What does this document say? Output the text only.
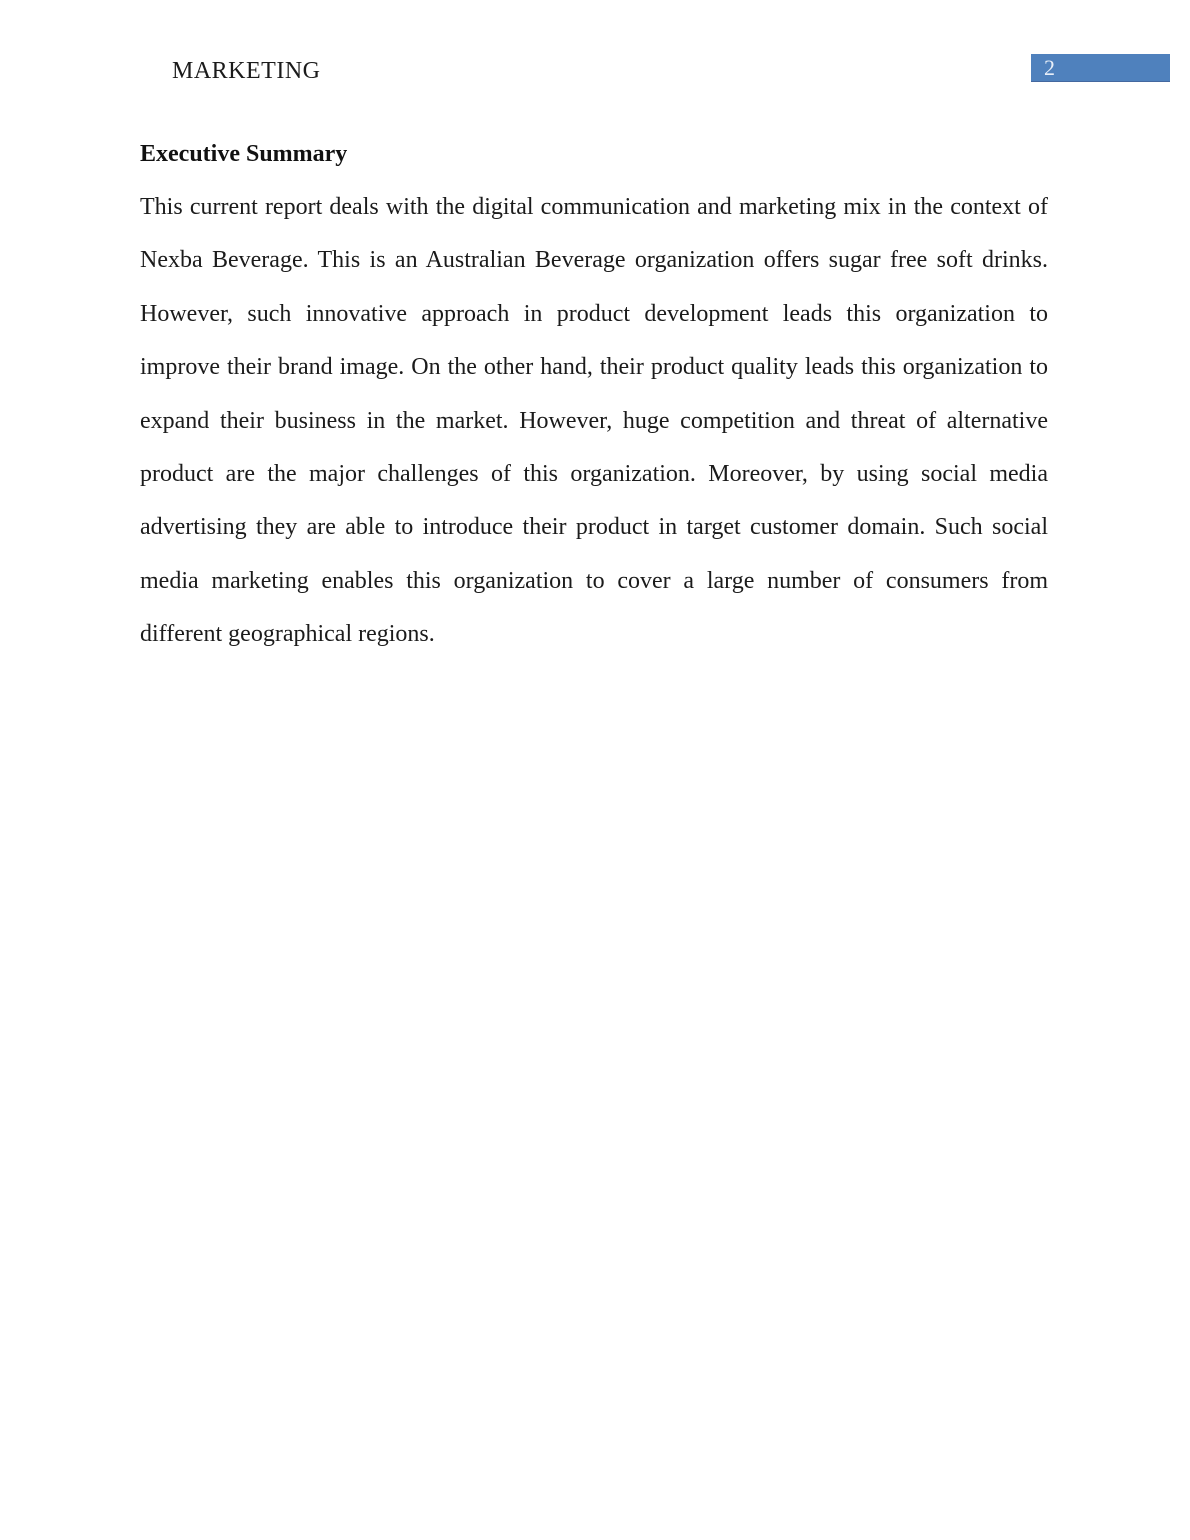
MARKETING	2
Executive Summary

This current report deals with the digital communication and marketing mix in the context of Nexba Beverage. This is an Australian Beverage organization offers sugar free soft drinks. However, such innovative approach in product development leads this organization to improve their brand image. On the other hand, their product quality leads this organization to expand their business in the market. However, huge competition and threat of alternative product are the major challenges of this organization. Moreover, by using social media advertising they are able to introduce their product in target customer domain. Such social media marketing enables this organization to cover a large number of consumers from different geographical regions.
